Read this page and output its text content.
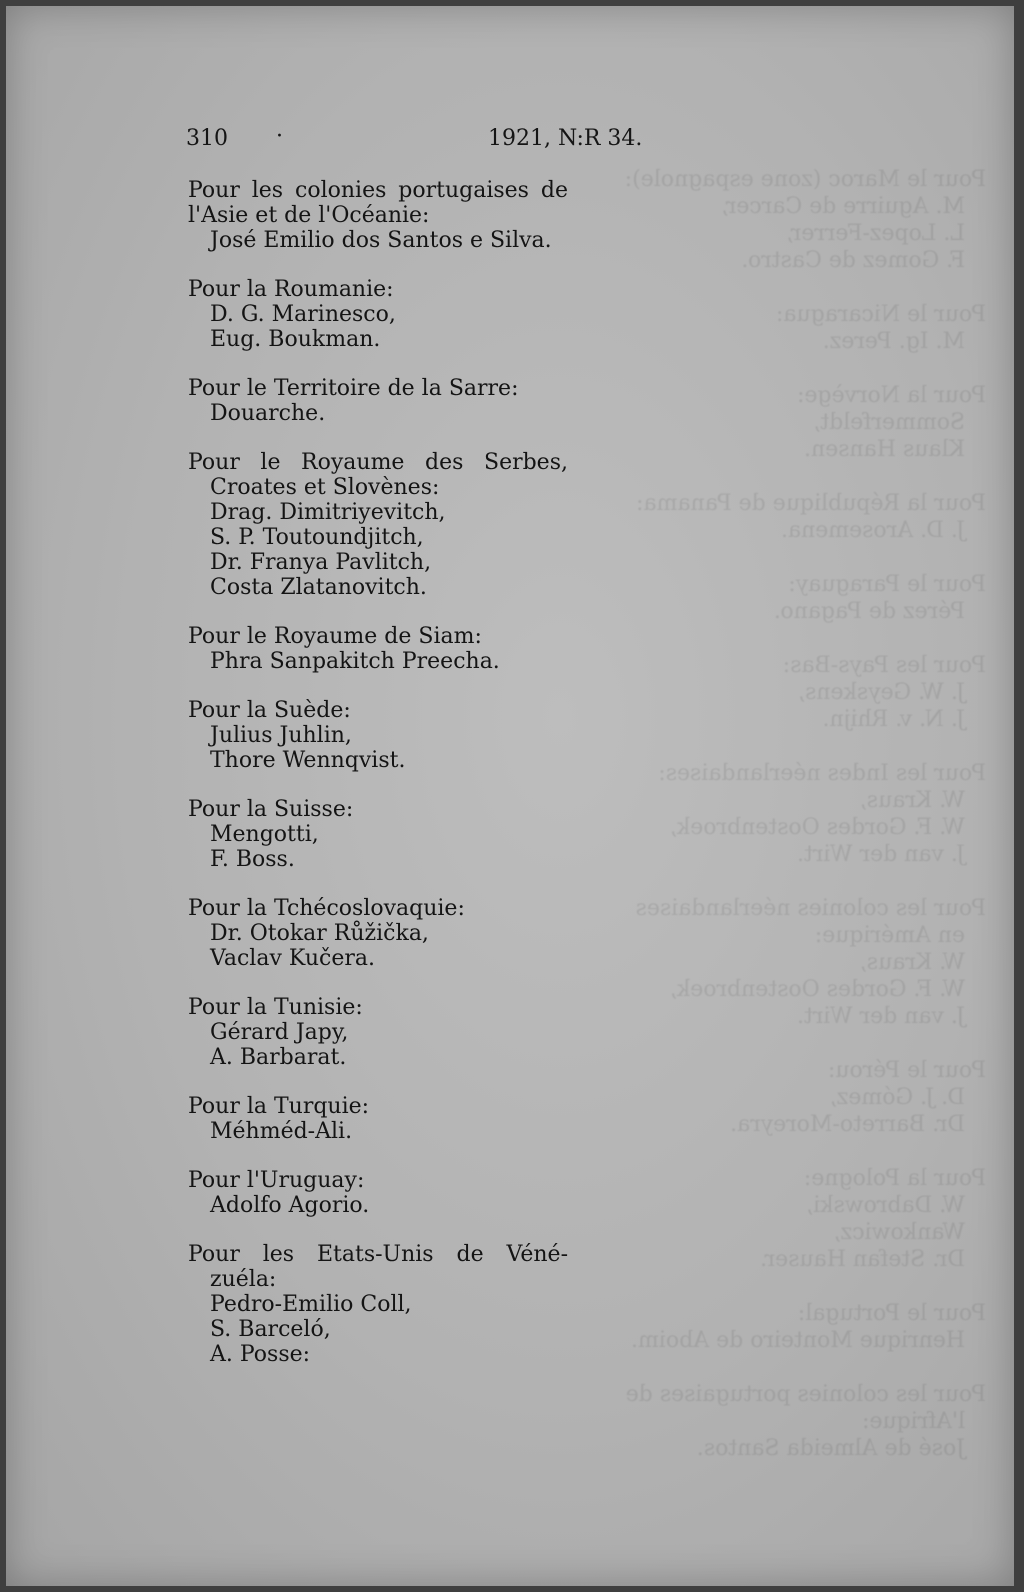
Pour le Maroc (zone espagnole):
M. Aguirre de Carcer,
L. Lopez-Ferrer,
F. Gomez de Castro.

Pour le Nicaragua:
M. Ig. Perez.

Pour la Norvège:
Sommerfeldt,
Klaus Hansen.

Pour la République de Panama:
J. D. Arosemena.

Pour le Paraguay:
Pérez de Pagano.

Pour les Pays-Bas:
J. W. Geyskens,
J. N. v. Rhijn.

Pour les Indes néerlandaises:
W. Kraus,
W. F. Gordes Oostenbroek,
J. van der Wirt.

Pour les colonies néerlandaises
en Amérique:
W. Kraus,
W. F. Gordes Oostenbroek,
J. van der Wirt.

Pour le Pérou:
D. J. Gómez,
Dr. Barreto-Moreyra.

Pour la Pologne:
W. Dabrowski,
Wankowicz,
Dr. Stefan Hauser.

Pour le Portugal:
Henrique Monteiro de Aboim.

Pour les colonies portugaises de
l'Afrique:
José de Almeida Santos.
310 ·	1921, N:R 34.
Pour les colonies portugaises de
l'Asie et de l'Océanie:
José Emilio dos Santos e Silva.
Pour la Roumanie:
D. G. Marinesco,
Eug. Boukman.
Pour le Territoire de la Sarre:
Douarche.
Pour le Royaume des Serbes,
Croates et Slovènes:
Drag. Dimitriyevitch,
S. P. Toutoundjitch,
Dr. Franya Pavlitch,
Costa Zlatanovitch.
Pour le Royaume de Siam:
Phra Sanpakitch Preecha.
Pour la Suède:
Julius Juhlin,
Thore Wennqvist.
Pour la Suisse:
Mengotti,
F. Boss.
Pour la Tchécoslovaquie:
Dr. Otokar Růžička,
Vaclav Kučera.
Pour la Tunisie:
Gérard Japy,
A. Barbarat.
Pour la Turquie:
Méhméd-Ali.
Pour l'Uruguay:
Adolfo Agorio.
Pour les Etats-Unis de Véné-
zuéla:
Pedro-Emilio Coll,
S. Barceló,
A. Posse:
